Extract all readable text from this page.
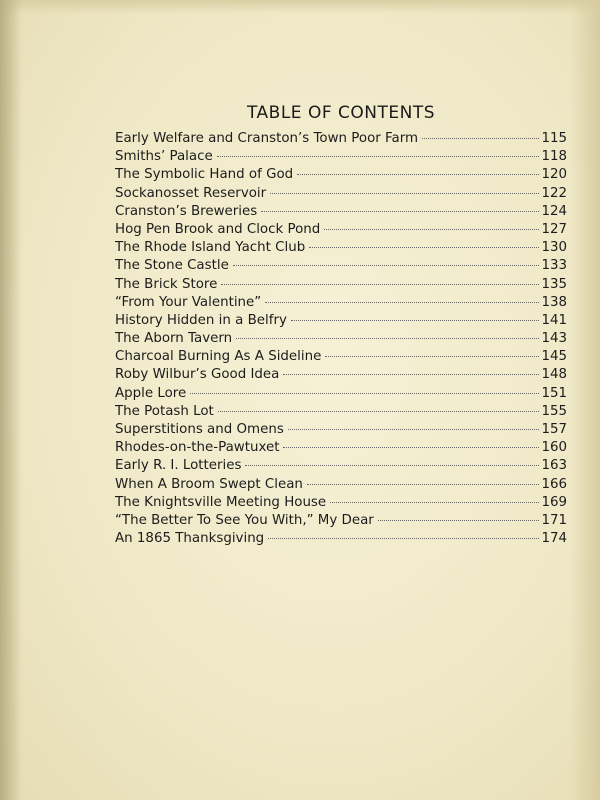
TABLE OF CONTENTS
Early Welfare and Cranston’s Town Poor Farm	115
Smiths’ Palace	118
The Symbolic Hand of God	120
Sockanosset Reservoir	122
Cranston’s Breweries	124
Hog Pen Brook and Clock Pond	127
The Rhode Island Yacht Club	130
The Stone Castle	133
The Brick Store	135
“From Your Valentine”	138
History Hidden in a Belfry	141
The Aborn Tavern	143
Charcoal Burning As A Sideline	145
Roby Wilbur’s Good Idea	148
Apple Lore	151
The Potash Lot	155
Superstitions and Omens	157
Rhodes-on-the-Pawtuxet	160
Early R. I. Lotteries	163
When A Broom Swept Clean	166
The Knightsville Meeting House	169
“The Better To See You With,” My Dear	171
An 1865 Thanksgiving	174
